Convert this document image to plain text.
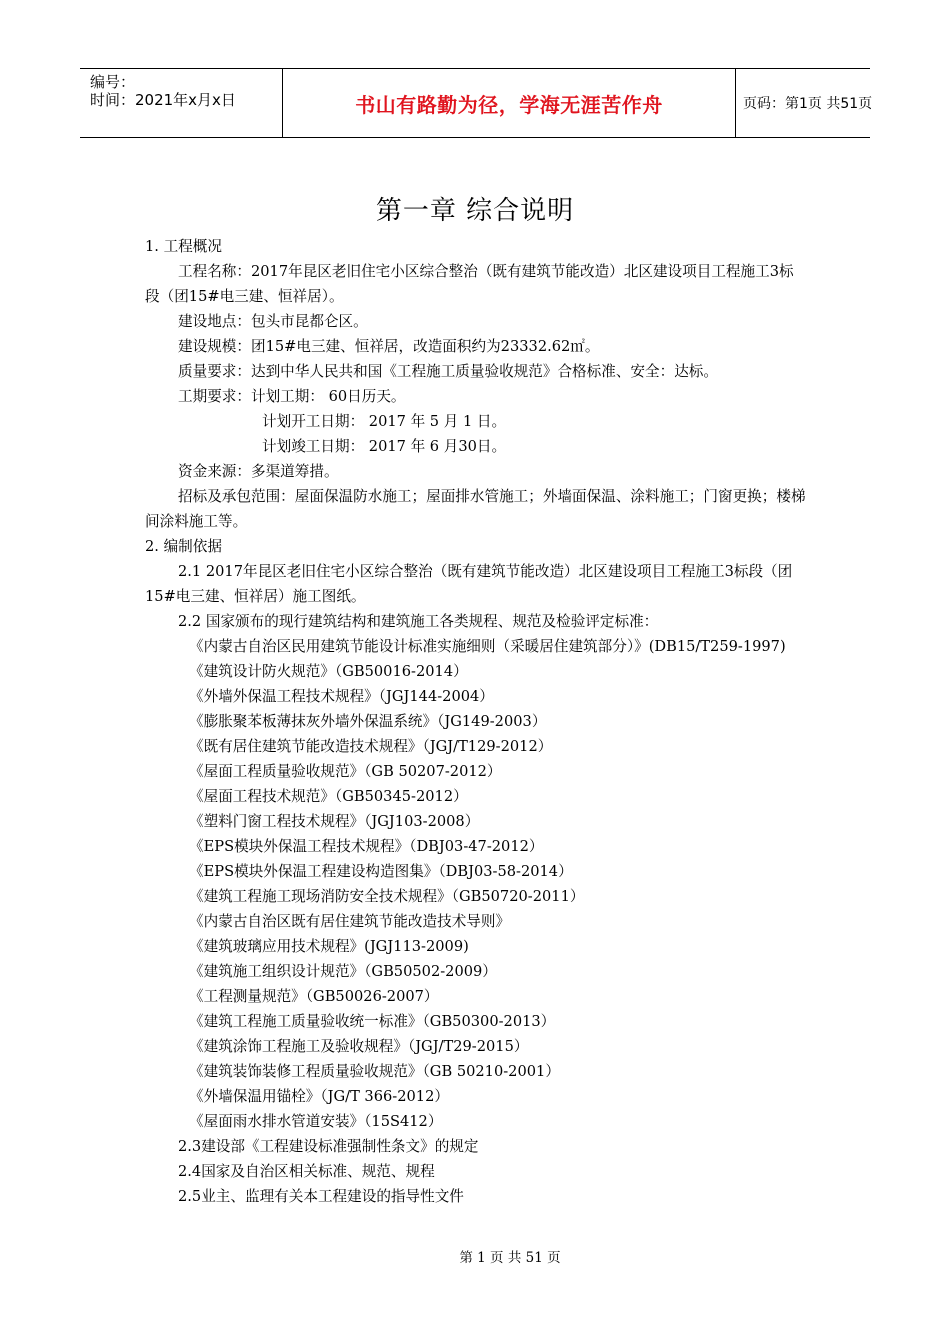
编号：
时间：2021年x月x日	书山有路勤为径，学海无涯苦作舟	页码：第1页 共51页
第一章 综合说明

1. 工程概况

工程名称：2017年昆区老旧住宅小区综合整治（既有建筑节能改造）北区建设项目工程施工3标段（团15#电三建、恒祥居）。

建设地点：包头市昆都仑区。

建设规模：团15#电三建、恒祥居，改造面积约为23332.62㎡。

质量要求：达到中华人民共和国《工程施工质量验收规范》合格标准、安全：达标。

工期要求：计划工期： 60日历天。

计划开工日期： 2017 年 5 月 1 日。

计划竣工日期： 2017 年 6 月30日。

资金来源：多渠道筹措。

招标及承包范围：屋面保温防水施工；屋面排水管施工；外墙面保温、涂料施工；门窗更换；楼梯间涂料施工等。

2. 编制依据

2.1 2017年昆区老旧住宅小区综合整治（既有建筑节能改造）北区建设项目工程施工3标段（团15#电三建、恒祥居）施工图纸。

2.2 国家颁布的现行建筑结构和建筑施工各类规程、规范及检验评定标准：

《内蒙古自治区民用建筑节能设计标准实施细则（采暖居住建筑部分）》(DB15/T259-1997)

《建筑设计防火规范》（GB50016-2014）

《外墙外保温工程技术规程》（JGJ144-2004）

《膨胀聚苯板薄抹灰外墙外保温系统》（JG149-2003）

《既有居住建筑节能改造技术规程》（JGJ/T129-2012）

《屋面工程质量验收规范》（GB 50207-2012）

《屋面工程技术规范》（GB50345-2012）

《塑料门窗工程技术规程》（JGJ103-2008）

《EPS模块外保温工程技术规程》（DBJ03-47-2012）

《EPS模块外保温工程建设构造图集》（DBJ03-58-2014）

《建筑工程施工现场消防安全技术规程》（GB50720-2011）

《内蒙古自治区既有居住建筑节能改造技术导则》

《建筑玻璃应用技术规程》(JGJ113-2009)

《建筑施工组织设计规范》（GB50502-2009）

《工程测量规范》（GB50026-2007）

《建筑工程施工质量验收统一标准》（GB50300-2013）

《建筑涂饰工程施工及验收规程》（JGJ/T29-2015）

《建筑装饰装修工程质量验收规范》（GB 50210-2001）

《外墙保温用锚栓》（JG/T 366-2012）

《屋面雨水排水管道安装》（15S412）

2.3建设部《工程建设标准强制性条文》的规定

2.4国家及自治区相关标准、规范、规程

2.5业主、监理有关本工程建设的指导性文件

第 1 页 共 51 页
